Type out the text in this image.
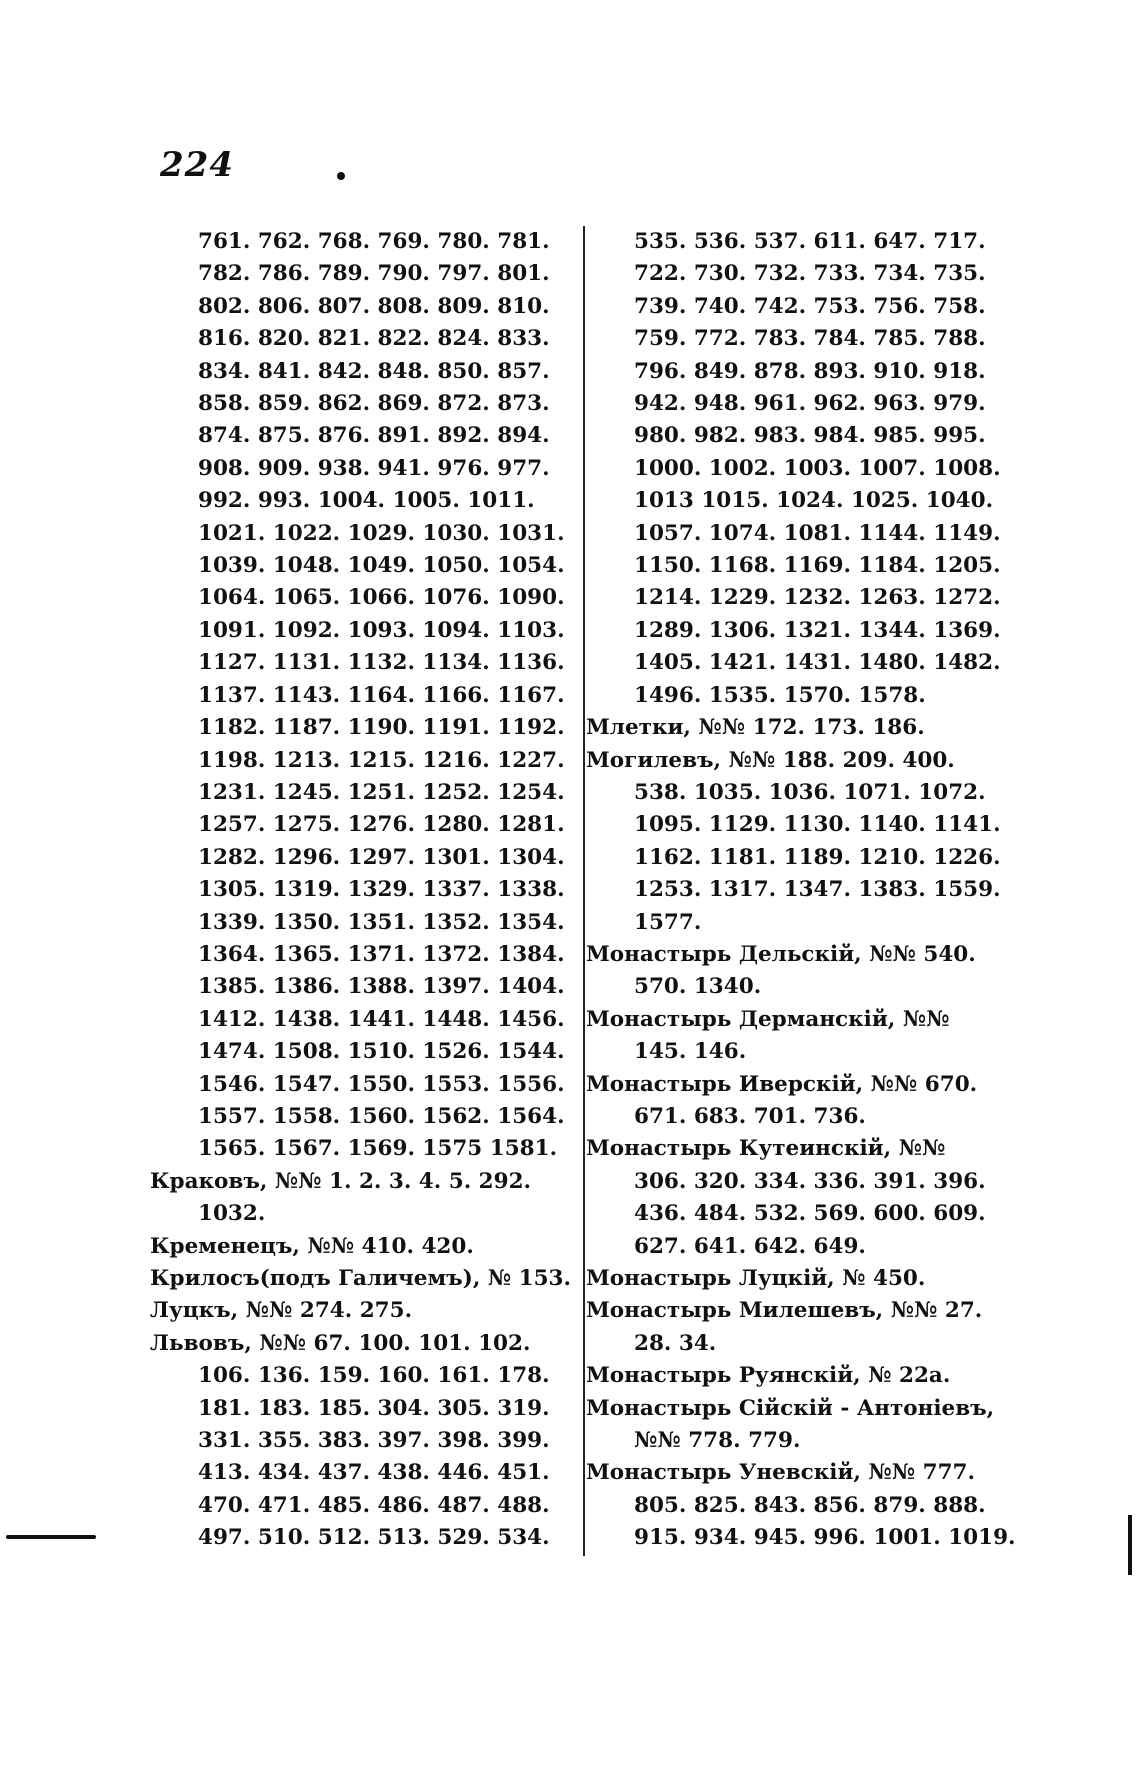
224
761. 762. 768. 769. 780. 781.
782. 786. 789. 790. 797. 801.
802. 806. 807. 808. 809. 810.
816. 820. 821. 822. 824. 833.
834. 841. 842. 848. 850. 857.
858. 859. 862. 869. 872. 873.
874. 875. 876. 891. 892. 894.
908. 909. 938. 941. 976. 977.
992. 993. 1004. 1005. 1011.
1021. 1022. 1029. 1030. 1031.
1039. 1048. 1049. 1050. 1054.
1064. 1065. 1066. 1076. 1090.
1091. 1092. 1093. 1094. 1103.
1127. 1131. 1132. 1134. 1136.
1137. 1143. 1164. 1166. 1167.
1182. 1187. 1190. 1191. 1192.
1198. 1213. 1215. 1216. 1227.
1231. 1245. 1251. 1252. 1254.
1257. 1275. 1276. 1280. 1281.
1282. 1296. 1297. 1301. 1304.
1305. 1319. 1329. 1337. 1338.
1339. 1350. 1351. 1352. 1354.
1364. 1365. 1371. 1372. 1384.
1385. 1386. 1388. 1397. 1404.
1412. 1438. 1441. 1448. 1456.
1474. 1508. 1510. 1526. 1544.
1546. 1547. 1550. 1553. 1556.
1557. 1558. 1560. 1562. 1564.
1565. 1567. 1569. 1575 1581.
Краковъ, №№ 1. 2. 3. 4. 5. 292.
1032.
Кременецъ, №№ 410. 420.
Крилосъ(подъ Галичемъ), № 153.
Луцкъ, №№ 274. 275.
Львовъ, №№ 67. 100. 101. 102.
106. 136. 159. 160. 161. 178.
181. 183. 185. 304. 305. 319.
331. 355. 383. 397. 398. 399.
413. 434. 437. 438. 446. 451.
470. 471. 485. 486. 487. 488.
497. 510. 512. 513. 529. 534.
535. 536. 537. 611. 647. 717.
722. 730. 732. 733. 734. 735.
739. 740. 742. 753. 756. 758.
759. 772. 783. 784. 785. 788.
796. 849. 878. 893. 910. 918.
942. 948. 961. 962. 963. 979.
980. 982. 983. 984. 985. 995.
1000. 1002. 1003. 1007. 1008.
1013 1015. 1024. 1025. 1040.
1057. 1074. 1081. 1144. 1149.
1150. 1168. 1169. 1184. 1205.
1214. 1229. 1232. 1263. 1272.
1289. 1306. 1321. 1344. 1369.
1405. 1421. 1431. 1480. 1482.
1496. 1535. 1570. 1578.
Млетки, №№ 172. 173. 186.
Могилевъ, №№ 188. 209. 400.
538. 1035. 1036. 1071. 1072.
1095. 1129. 1130. 1140. 1141.
1162. 1181. 1189. 1210. 1226.
1253. 1317. 1347. 1383. 1559.
1577.
Монастырь Дельскій, №№ 540.
570. 1340.
Монастырь Дерманскій, №№
145. 146.
Монастырь Иверскій, №№ 670.
671. 683. 701. 736.
Монастырь Кутеинскій, №№
306. 320. 334. 336. 391. 396.
436. 484. 532. 569. 600. 609.
627. 641. 642. 649.
Монастырь Луцкій, № 450.
Монастырь Милешевъ, №№ 27.
28. 34.
Монастырь Руянскій, № 22а.
Монастырь Сійскій - Антоніевъ,
№№ 778. 779.
Монастырь Уневскій, №№ 777.
805. 825. 843. 856. 879. 888.
915. 934. 945. 996. 1001. 1019.
